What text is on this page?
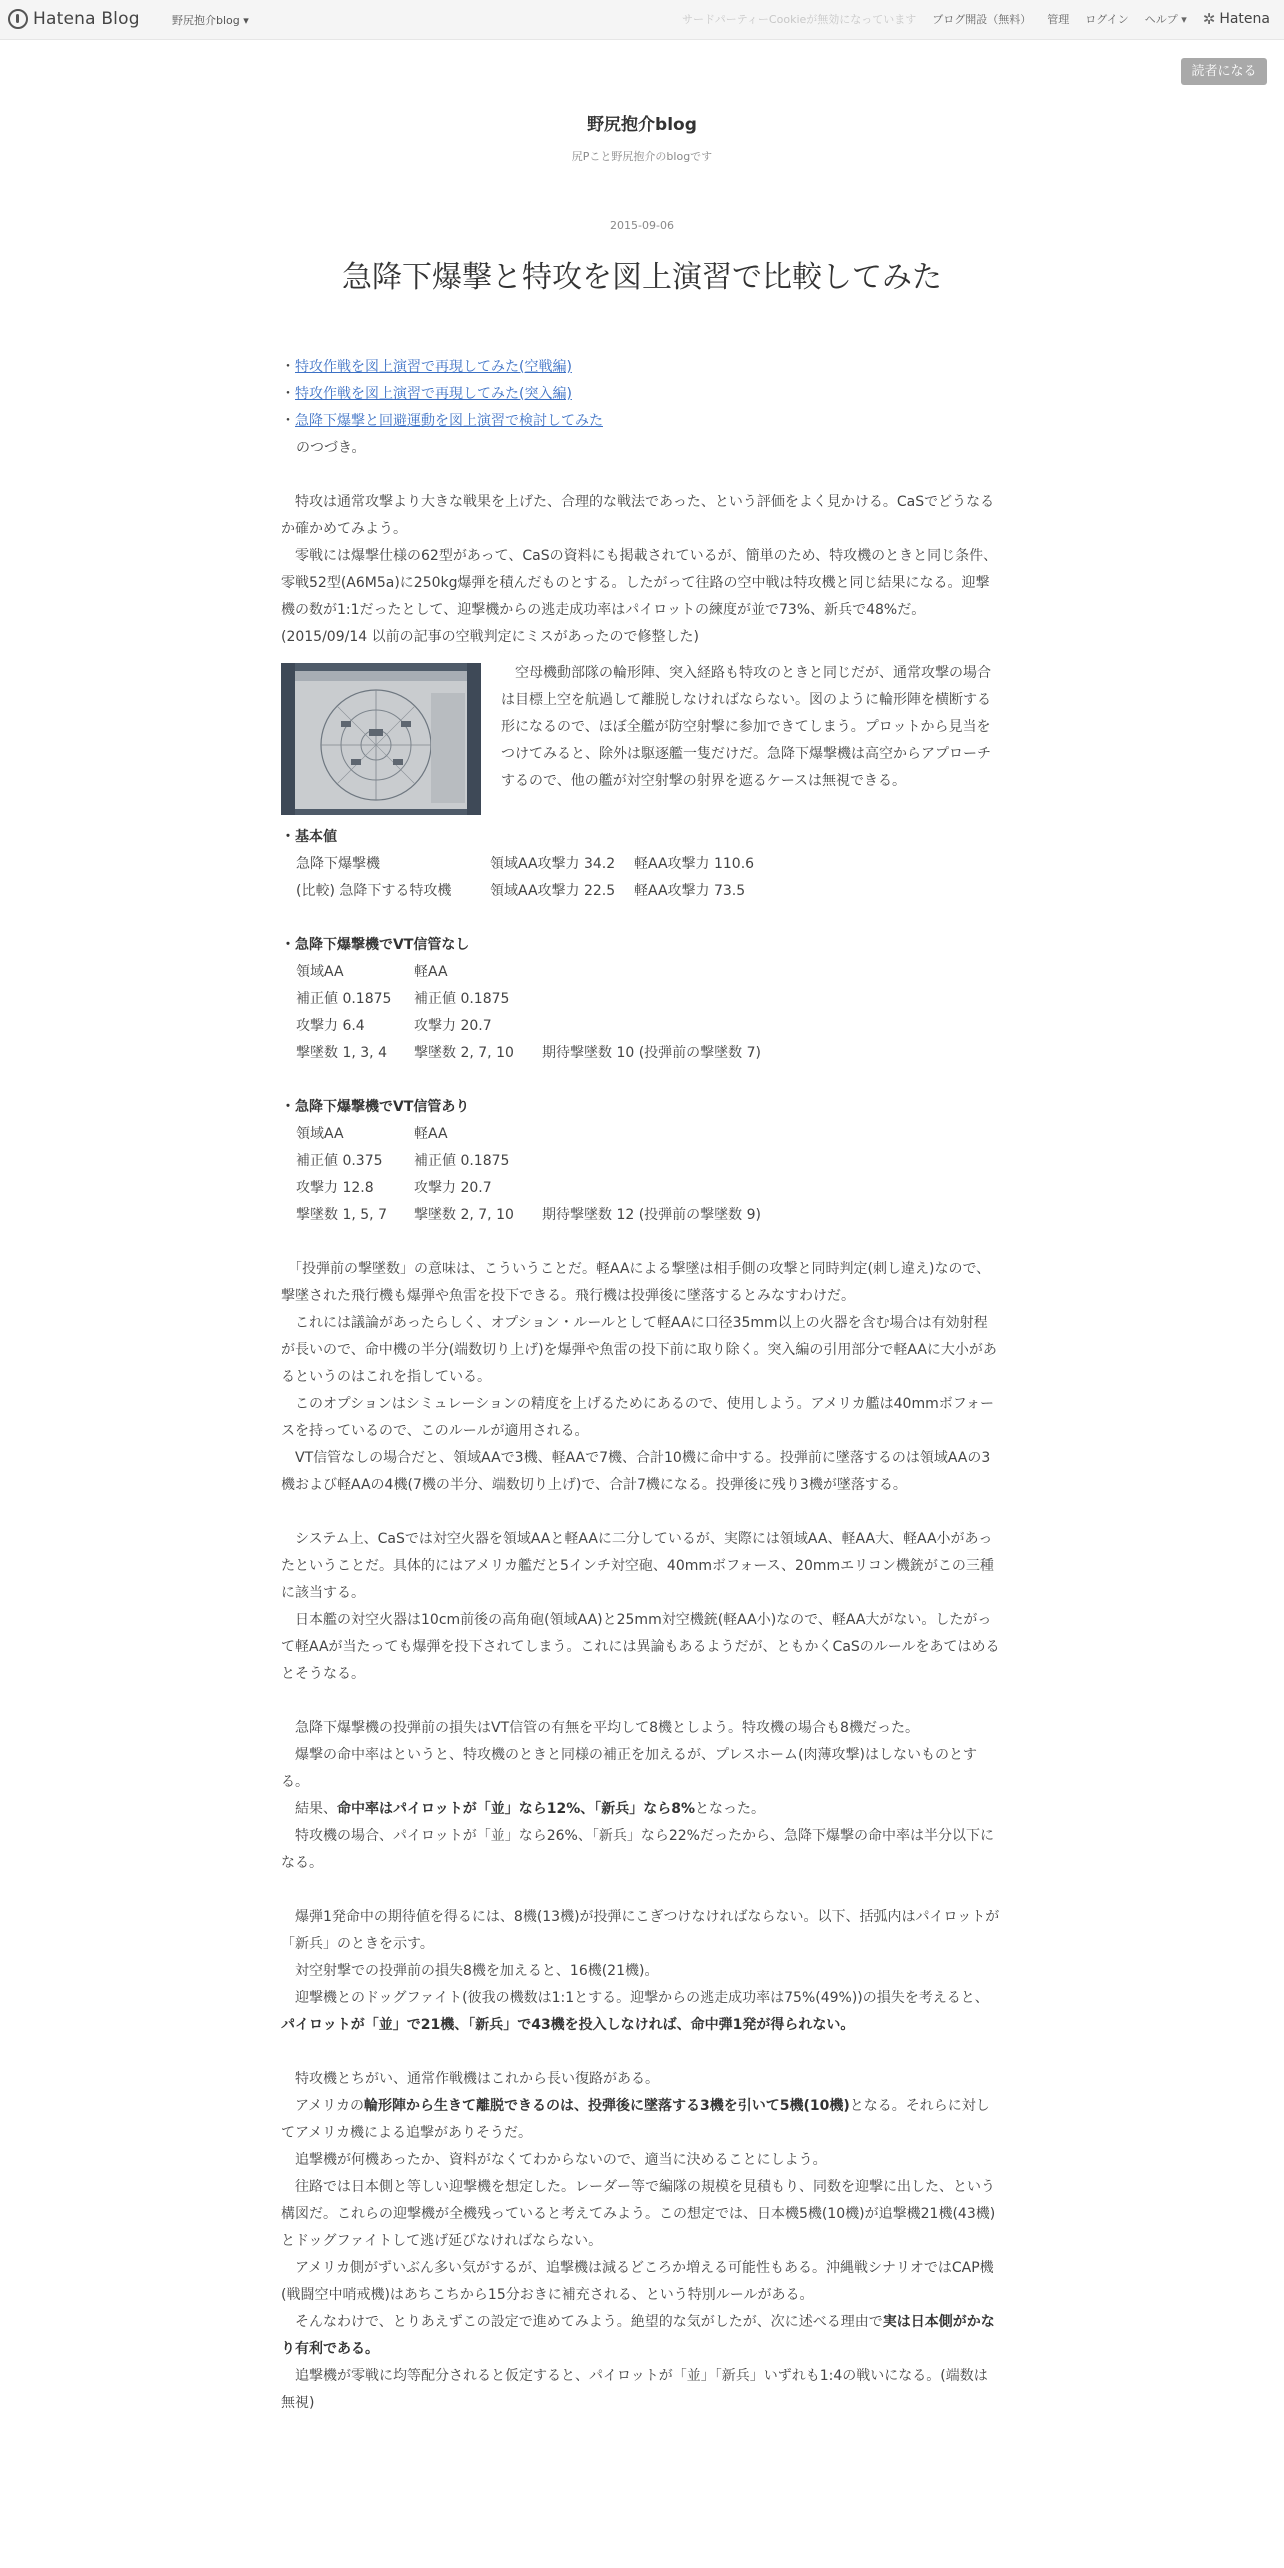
Hatena Blog	野尻抱介blog ▾	サードパーティーCookieが無効になっています ブログ開設（無料） 管理 ログイン ヘルプ ▾ ✲ Hatena
読者になる
野尻抱介blog
尻Pこと野尻抱介のblogです
2015-09-06
急降下爆撃と特攻を図上演習で比較してみた

・特攻作戦を図上演習で再現してみた(空戦編)

・特攻作戦を図上演習で再現してみた(突入編)

・急降下爆撃と回避運動を図上演習で検討してみた

のつづき。

　特攻は通常攻撃より大きな戦果を上げた、合理的な戦法であった、という評価をよく見かける。CaSでどうなるか確かめてみよう。

　零戦には爆撃仕様の62型があって、CaSの資料にも掲載されているが、簡単のため、特攻機のときと同じ条件、零戦52型(A6M5a)に250kg爆弾を積んだものとする。したがって往路の空中戦は特攻機と同じ結果になる。迎撃機の数が1:1だったとして、迎撃機からの逃走成功率はパイロットの練度が並で73%、新兵で48%だ。(2015/09/14 以前の記事の空戦判定にミスがあったので修整した)

　空母機動部隊の輪形陣、突入経路も特攻のときと同じだが、通常攻撃の場合は目標上空を航過して離脱しなければならない。図のように輪形陣を横断する形になるので、ほぼ全艦が防空射撃に参加できてしまう。プロットから見当をつけてみると、除外は駆逐艦一隻だけだ。急降下爆撃機は高空からアプローチするので、他の艦が対空射撃の射界を遮るケースは無視できる。

・基本値

急降下爆撃機	領域AA攻撃力 34.2	軽AA攻撃力 110.6
(比較) 急降下する特攻機	領域AA攻撃力 22.5	軽AA攻撃力 73.5

・急降下爆撃機でVT信管なし

領域AA	軽AA
補正値 0.1875	補正値 0.1875
攻撃力 6.4	攻撃力 20.7
撃墜数 1, 3, 4	撃墜数 2, 7, 10	期待撃墜数 10 (投弾前の撃墜数 7)

・急降下爆撃機でVT信管あり

領域AA	軽AA
補正値 0.375	補正値 0.1875
攻撃力 12.8	攻撃力 20.7
撃墜数 1, 5, 7	撃墜数 2, 7, 10	期待撃墜数 12 (投弾前の撃墜数 9)

　「投弾前の撃墜数」の意味は、こういうことだ。軽AAによる撃墜は相手側の攻撃と同時判定(刺し違え)なので、撃墜された飛行機も爆弾や魚雷を投下できる。飛行機は投弾後に墜落するとみなすわけだ。

　これには議論があったらしく、オプション・ルールとして軽AAに口径35mm以上の火器を含む場合は有効射程が長いので、命中機の半分(端数切り上げ)を爆弾や魚雷の投下前に取り除く。突入編の引用部分で軽AAに大小があるというのはこれを指している。

　このオプションはシミュレーションの精度を上げるためにあるので、使用しよう。アメリカ艦は40mmボフォースを持っているので、このルールが適用される。

　VT信管なしの場合だと、領域AAで3機、軽AAで7機、合計10機に命中する。投弾前に墜落するのは領域AAの3機および軽AAの4機(7機の半分、端数切り上げ)で、合計7機になる。投弾後に残り3機が墜落する。

　システム上、CaSでは対空火器を領域AAと軽AAに二分しているが、実際には領域AA、軽AA大、軽AA小があったということだ。具体的にはアメリカ艦だと5インチ対空砲、40mmボフォース、20mmエリコン機銃がこの三種に該当する。

　日本艦の対空火器は10cm前後の高角砲(領域AA)と25mm対空機銃(軽AA小)なので、軽AA大がない。したがって軽AAが当たっても爆弾を投下されてしまう。これには異論もあるようだが、ともかくCaSのルールをあてはめるとそうなる。

　急降下爆撃機の投弾前の損失はVT信管の有無を平均して8機としよう。特攻機の場合も8機だった。

　爆撃の命中率はというと、特攻機のときと同様の補正を加えるが、プレスホーム(肉薄攻撃)はしないものとする。

　結果、命中率はパイロットが「並」なら12%、「新兵」なら8%となった。

　特攻機の場合、パイロットが「並」なら26%、「新兵」なら22%だったから、急降下爆撃の命中率は半分以下になる。

　爆弾1発命中の期待値を得るには、8機(13機)が投弾にこぎつけなければならない。以下、括弧内はパイロットが「新兵」のときを示す。

　対空射撃での投弾前の損失8機を加えると、16機(21機)。

　迎撃機とのドッグファイト(彼我の機数は1:1とする。迎撃からの逃走成功率は75%(49%))の損失を考えると、パイロットが「並」で21機、「新兵」で43機を投入しなければ、命中弾1発が得られない。

　特攻機とちがい、通常作戦機はこれから長い復路がある。

　アメリカの輪形陣から生きて離脱できるのは、投弾後に墜落する3機を引いて5機(10機)となる。それらに対してアメリカ機による追撃がありそうだ。

　追撃機が何機あったか、資料がなくてわからないので、適当に決めることにしよう。

　往路では日本側と等しい迎撃機を想定した。レーダー等で編隊の規模を見積もり、同数を迎撃に出した、という構図だ。これらの迎撃機が全機残っていると考えてみよう。この想定では、日本機5機(10機)が追撃機21機(43機)とドッグファイトして逃げ延びなければならない。

　アメリカ側がずいぶん多い気がするが、追撃機は減るどころか増える可能性もある。沖縄戦シナリオではCAP機(戦闘空中哨戒機)はあちこちから15分おきに補充される、という特別ルールがある。

　そんなわけで、とりあえずこの設定で進めてみよう。絶望的な気がしたが、次に述べる理由で実は日本側がかなり有利である。

　追撃機が零戦に均等配分されると仮定すると、パイロットが「並」「新兵」いずれも1:4の戦いになる。(端数は無視)
